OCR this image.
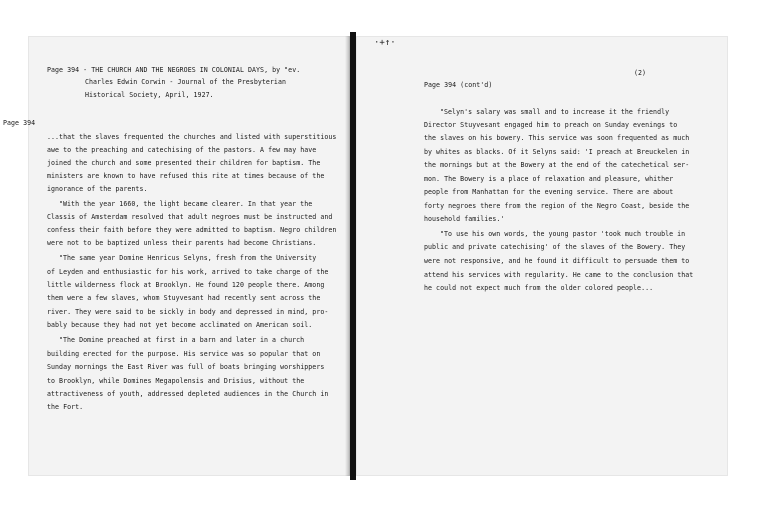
Page 394
Page 394 - THE CHURCH AND THE NEGROES IN COLONIAL DAYS, by "ev.
Charles Edwin Corwin - Journal of the Presbyterian
Historical Society, April, 1927.
...that the slaves frequented the churches and listed with superstitious
awe to the preaching and catechising of the pastors. A few may have
joined the church and some presented their children for baptism. The
ministers are known to have refused this rite at times because of the
ignorance of the parents.
"With the year 1660, the light became clearer. In that year the
Classis of Amsterdam resolved that adult negroes must be instructed and
confess their faith before they were admitted to baptism. Negro children
were not to be baptized unless their parents had become Christians.
"The same year Domine Henricus Selyns, fresh from the University
of Leyden and enthusiastic for his work, arrived to take charge of the
little wilderness flock at Brooklyn. He found 120 people there. Among
them were a few slaves, whom Stuyvesant had recently sent across the
river. They were said to be sickly in body and depressed in mind, pro-
bably because they had not yet become acclimated on American soil.
"The Domine preached at first in a barn and later in a church
building erected for the purpose. His service was so popular that on
Sunday mornings the East River was full of boats bringing worshippers
to Brooklyn, while Domines Megapolensis and Drisius, without the
attractiveness of youth, addressed depleted audiences in the Church in
the Fort.
·+↑·
(2)
Page 394 (cont'd)
"Selyn's salary was small and to increase it the friendly
Director Stuyvesant engaged him to preach on Sunday evenings to
the slaves on his bowery. This service was soon frequented as much
by whites as blacks. Of it Selyns said: 'I preach at Breuckelen in
the mornings but at the Bowery at the end of the catechetical ser-
mon. The Bowery is a place of relaxation and pleasure, whither
people from Manhattan for the evening service. There are about
forty negroes there from the region of the Negro Coast, beside the
household families.'
"To use his own words, the young pastor 'took much trouble in
public and private catechising' of the slaves of the Bowery. They
were not responsive, and he found it difficult to persuade them to
attend his services with regularity. He came to the conclusion that
he could not expect much from the older colored people...
